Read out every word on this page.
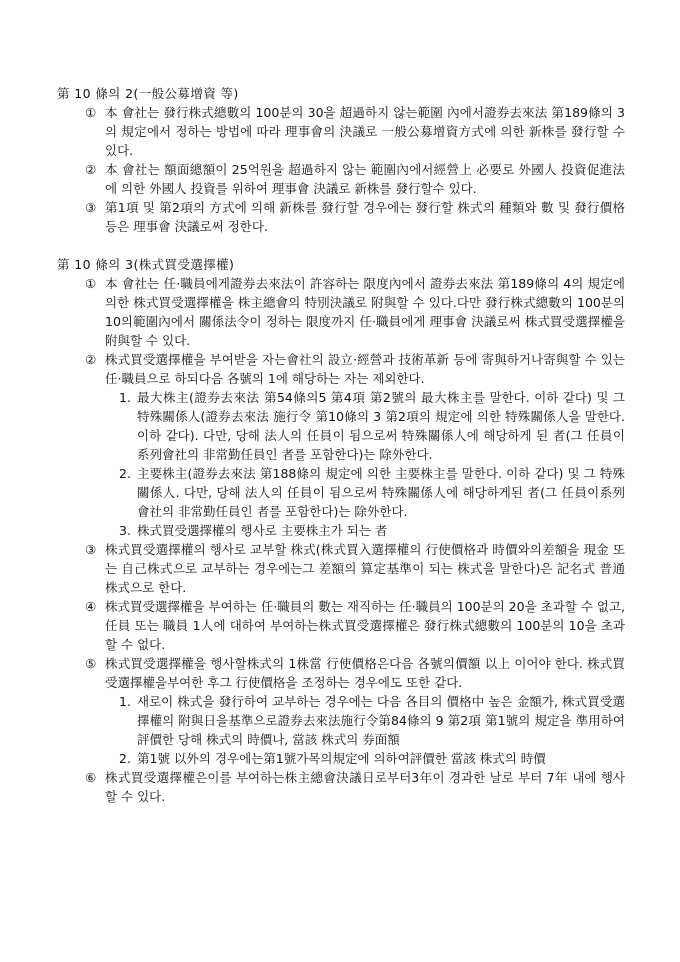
第 10 條의 2(一般公募增資 等)
① 本 會社는 發行株式總數의 100분의 30을 超過하지 않는範圍 內에서證券去來法 第189條의 3의 規定에서 정하는 방법에 따라 理事會의 決議로 一般公募增資方式에 의한 新株를 發行할 수 있다.
② 本 會社는 額面總額이 25억원을 超過하지 않는 範圍內에서經營上 必要로 外國人 投資促進法에 의한 外國人 投資를 위하여 理事會 決議로 新株를 發行할수 있다.
③ 第1項 및 第2項의 方式에 의해 新株를 發行할 경우에는 發行할 株式의 種類와 數 및 發行價格 등은 理事會 決議로써 정한다.
第 10 條의 3(株式買受選擇權)
① 本 會社는 任·職員에게證券去來法이 許容하는 限度內에서 證券去來法 第189條의 4의 規定에 의한 株式買受選擇權을 株主總會의 特別決議로 附與할 수 있다.다만 發行株式總數의 100분의 10의範圍內에서 關係法令이 정하는 限度까지 任·職員에게 理事會 決議로써 株式買受選擇權을 附與할 수 있다.
② 株式買受選擇權을 부여받을 자는會社의 設立·經營과 技術革新 등에 寄與하거나寄與할 수 있는 任·職員으로 하되다음 各號의 1에 해당하는 자는 제외한다.
1. 最大株主(證券去來法 第54條의5 第4項 第2號의 最大株主를 말한다. 이하 같다) 및 그 特殊關係人(證券去來法 施行令 第10條의 3 第2項의 規定에 의한 特殊關係人을 말한다. 이하 같다). 다만, 당해 法人의 任員이 됨으로써 特殊關係人에 해당하게 된 者(그 任員이系列會社의 非常勤任員인 者를 포함한다)는 除外한다.
2. 主要株主(證券去來法 第188條의 規定에 의한 主要株主를 말한다. 이하 같다) 및 그 特殊關係人. 다만, 당해 法人의 任員이 됨으로써 特殊關係人에 해당하게된 者(그 任員이系列會社의 非常勤任員인 者를 포함한다)는 除外한다.
3. 株式買受選擇權의 행사로 主要株主가 되는 者
③ 株式買受選擇權의 행사로 교부할 株式(株式買入選擇權의 行使價格과 時價와의差額을 現金 또는 自己株式으로 교부하는 경우에는그 差額의 算定基準이 되는 株式을 말한다)은 記名式 普通株式으로 한다.
④ 株式買受選擇權을 부여하는 任·職員의 數는 재직하는 任·職員의 100분의 20을 초과할 수 없고,任員 또는 職員 1人에 대하여 부여하는株式買受選擇權은 發行株式總數의 100분의 10을 초과할 수 없다.
⑤ 株式買受選擇權을 행사할株式의 1株當 行使價格은다음 各號의價額 以上 이어야 한다. 株式買受選擇權을부여한 후그 行使價格을 조정하는 경우에도 또한 같다.
1. 새로이 株式을 發行하여 교부하는 경우에는 다음 各目의 價格中 높은 金額가, 株式買受選擇權의 附與日을基準으로證券去來法施行令第84條의 9 第2項 第1號의 規定을 準用하여評價한 당해 株式의 時價나, 當該 株式의 券面額
2. 第1號 以外의 경우에는第1號가목의規定에 의하여評價한 當該 株式의 時價
⑥ 株式買受選擇權은이를 부여하는株主總會決議日로부터3年이 경과한 날로 부터 7年 내에 행사할 수 있다.
